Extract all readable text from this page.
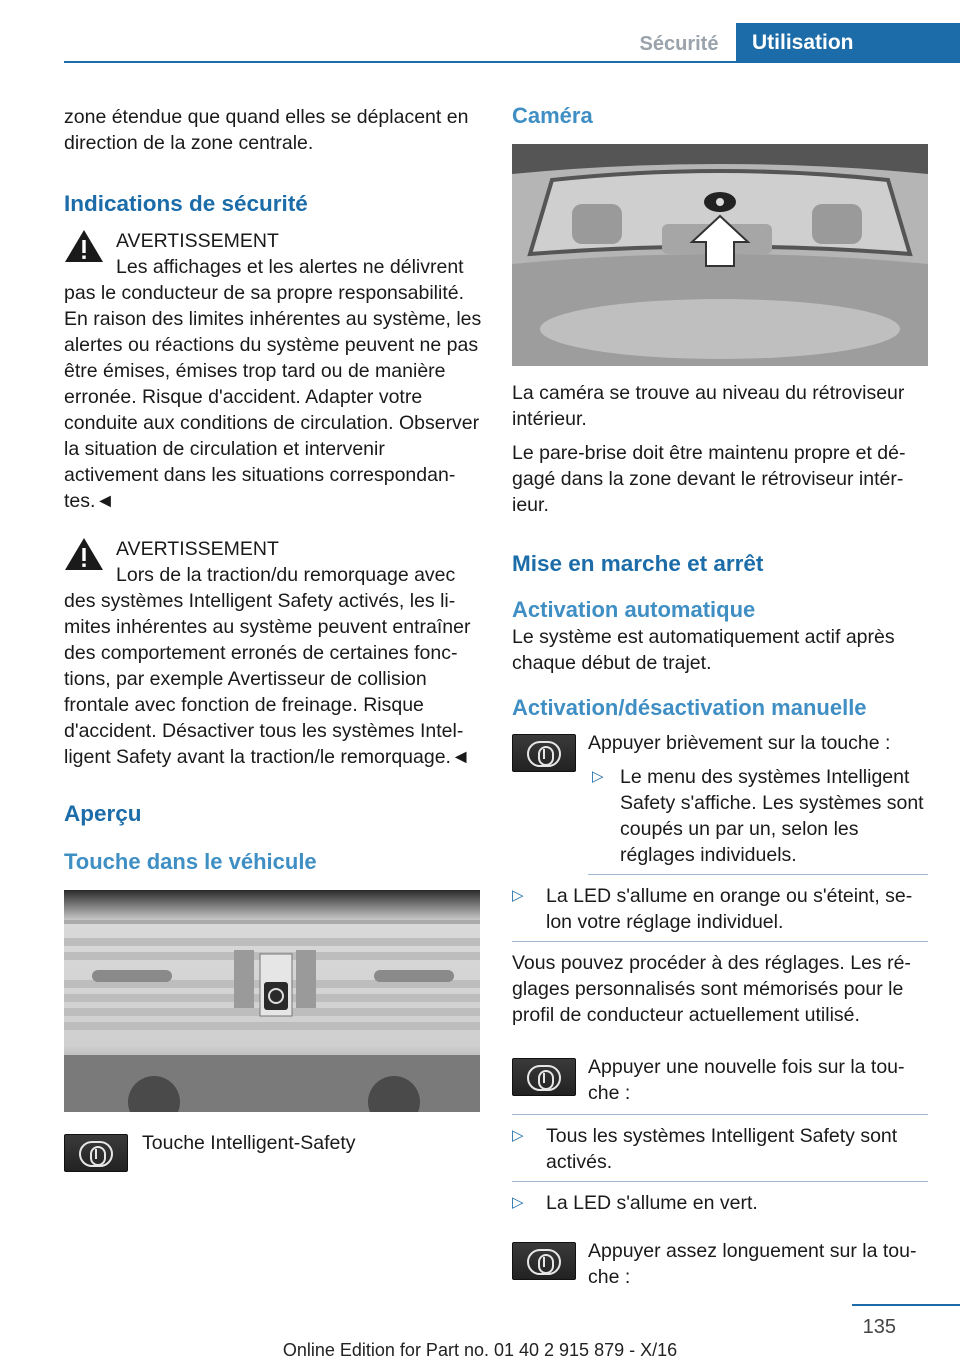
Sécurité	Utilisation

zone étendue que quand elles se déplacent en direction de la zone centrale.

Indications de sécurité

AVERTISSEMENT

Les affichages et les alertes ne délivrent

pas le conducteur de sa propre responsabilité. En raison des limites inhérentes au système, les alertes ou réactions du système peuvent ne pas être émises, émises trop tard ou de manière erronée. Risque d'accident. Adapter votre conduite aux conditions de circulation. Observer la situation de circulation et intervenir activement dans les situations correspondantes.◄

AVERTISSEMENT

Lors de la traction/du remorquage avec

des systèmes Intelligent Safety activés, les limites inhérentes au système peuvent entraîner des comportement erronés de certaines fonctions, par exemple Avertisseur de collision frontale avec fonction de freinage. Risque d'accident. Désactiver tous les systèmes Intelligent Safety avant la traction/le remorquage.◄

Aperçu
Touche dans le véhicule

Touche Intelligent-Safety

Caméra

La caméra se trouve au niveau du rétroviseur intérieur.

Le pare-brise doit être maintenu propre et dégagé dans la zone devant le rétroviseur intérieur.

Mise en marche et arrêt
Activation automatique

Le système est automatiquement actif après chaque début de trajet.

Activation/désactivation manuelle

Appuyer brièvement sur la touche :

▷ Le menu des systèmes Intelligent Safety s'affiche. Les systèmes sont coupés un par un, selon les réglages individuels.
▷ La LED s'allume en orange ou s'éteint, selon votre réglage individuel.

Vous pouvez procéder à des réglages. Les réglages personnalisés sont mémorisés pour le profil de conducteur actuellement utilisé.

Appuyer une nouvelle fois sur la touche :

▷ Tous les systèmes Intelligent Safety sont activés.
▷ La LED s'allume en vert.

Appuyer assez longuement sur la touche :

135
Online Edition for Part no. 01 40 2 915 879 - X/16
